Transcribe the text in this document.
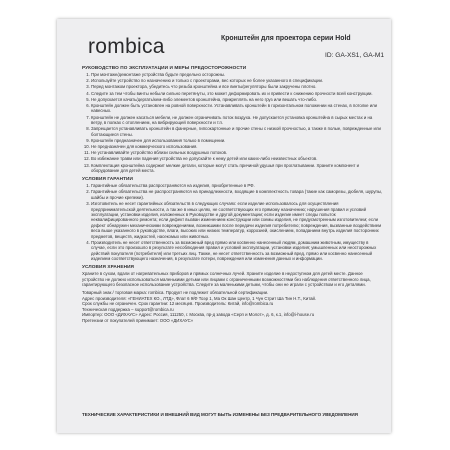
rombica	Кронштейн для проектора серии Hold
ID: GA-XS1, GA-M1
РУКОВОДСТВО ПО ЭКСПЛУАТАЦИИ И МЕРЫ ПРЕДОСТОРОЖНОСТИ
1. При монтаже/демонтаже устройства будьте предельно осторожны.
2. Используйте устройство по назначению и только с проекторами, вес которых не более указанного в спецификации.
3. Перед монтажом проектора, убедитесь что резьба кронштейна и все винты/регуляторы были закручены плотно.
4. Следите за тем чтобы винты небыли сильно перетянуты, это может деформировать их и привести к снижению прочности всей конструкции.
5. Не допускается качать/дергать/кем-либо элементов кронштейна, прикреплять на него груз или вешать что-либо.
6. Кронштейн должен быть установлен на ровной поверхности. Устанавливать кронштейн в горизонтальном положении на стенах, в потолке или навесных.
7. Кронштейн не должен касаться мебели, не должен ограничивать поток воздуха. Не допускается установка кронштейна в сырых местах и на ветру, в полках с отоплением, на вибрирующей поверхности и т.п.
8. Запрещается устанавливать кронштейн в фанерные, гипсокартонные и прочие стены с низкой прочностью, а также в полые, поврежденные или болтающиеся стены.
9. Кронштейн предназначен для использования только в помещении.
10. Не предназначен для коммерческого использования.
11. Не устанавливайте устройство вблизи сильных воздушных потоков.
12. Во избежание травм или падения устройства не допускайте к нему детей или каких-либо неизвестных объектов.
13. Комплектация кронштейна содержит мелкие детали, которые могут стать причиной удушья при проглатывании. Храните компонент и оборудование для детей места.
УСЛОВИЯ ГАРАНТИИ
1. Гарантийные обязательства распространяются на изделия, приобретенные в РФ.
2. Гарантийные обязательства не распространяются на принадлежности, входящие в комплектность товара (такие как саморезы, дюбеля, шурупы, шайбы и прочие крепежи).
3. Изготовитель не несет гарантийных обязательств в следующих случаях: если изделие использовалось для осуществления предпринимательской деятельности, а так же в иных целях, не соответствующих его прямому назначению; нарушения правил и условий эксплуатации, установки изделия, изложенных в Руководстве и другой документации; если изделие имеет следы попыток неквалифицированного ремонта; если дефект вызван изменением конструкции или схемы изделия, не предусмотренным изготовителем; если дефект обнаружен механическими повреждениями, возникшими после передачи изделия потребителю; повреждения, вызванные воздействием веса выше указанного в руководстве, влаги, высоких или низких температур, коррозией, окислением, попаданием внутрь изделия посторонних предметов, веществ, жидкостей, насекомых или животных.
4. Производитель не несет ответственность за возможный вред прямо или косвенно нанесенный людям, домашним животным, имуществу в случае, если это произошло в результате несоблюдения правил и условий эксплуатации, установки изделия; умышленных или неосторожных действий покупателя (потребителя) или третьих лиц. Также, не несет ответственность за возможный вред, прямо или косвенно нанесенный изделием соответствующего назначения, в результате потери, повреждения или изменения данных и информации.
УСЛОВИЯ ХРАНЕНИЯ

Храните в сухом, вдали от нагревательных приборов и прямых солнечных лучей. Храните изделие в недоступном для детей месте. Данное устройство не должно использоваться маленькими детьми или лицами с ограниченными возможностями без наблюдения ответственного лица, гарантирующего безопасное использование устройства. Следите за маленькими детьми, чтобы они не играли с устройством и его деталями.

Товарный знак / торговая марка: rombica. Продукт не подлежит обязательной сертификации.

Адрес производителя: «ГЕНИАТЕХ КО., ЛТД», Флат 6 9/Ф Тоэр 1, Ма Ок Шан Центр, 1 Чун Стрит Ша Тин Н.Т., Китай.

Срок службы не ограничен. Срок гарантии: 12 месяцев. Производитель: Китай, info@rombica.ru

Техническая поддержка – support@rombica.ru

Импортер: ООО «ДИХАУС» Адрес: Россия, 111250, г. Москва, пр-д завода «Серп и Молот», д. 6, к.1, info@i-house.ru

Претензии от покупателей принимает: ООО «ДИХАУС»

ТЕХНИЧЕСКИЕ ХАРАКТЕРИСТИКИ И ВНЕШНИЙ ВИД МОГУТ БЫТЬ ИЗМЕНЕНЫ БЕЗ ПРЕДВАРИТЕЛЬНОГО УВЕДОМЛЕНИЯ
